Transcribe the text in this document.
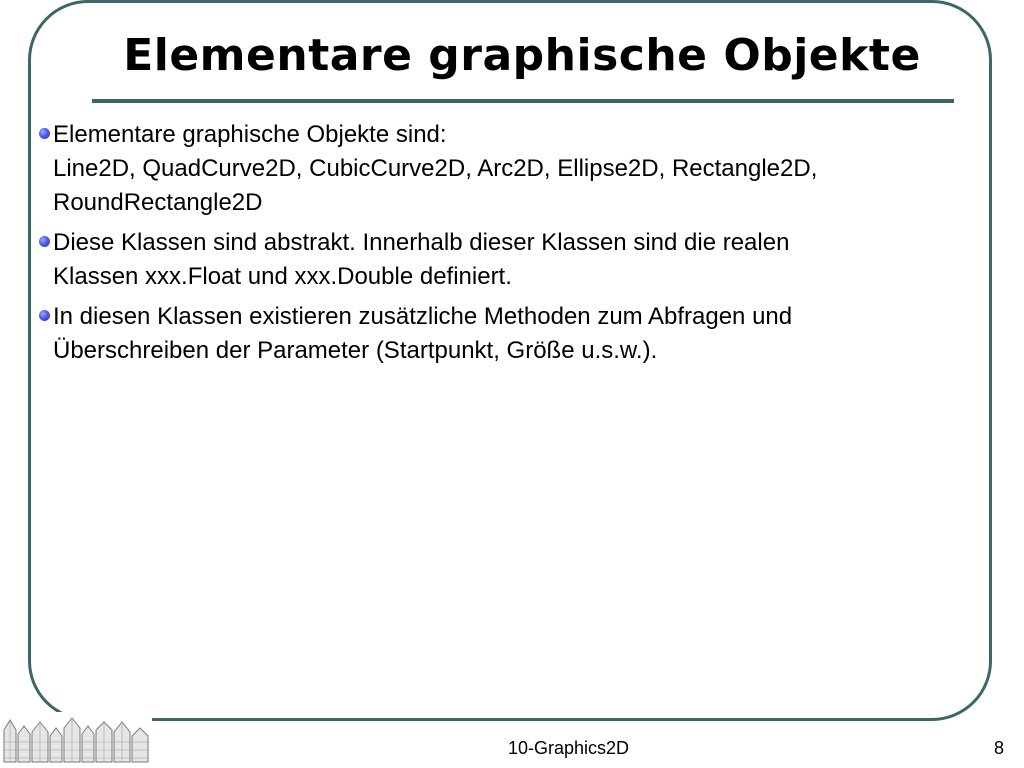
Elementare graphische Objekte
Elementare graphische Objekte sind:
Line2D, QuadCurve2D, CubicCurve2D, Arc2D, Ellipse2D, Rectangle2D,
RoundRectangle2D
Diese Klassen sind abstrakt. Innerhalb dieser Klassen sind die realen
Klassen xxx.Float und xxx.Double definiert.
In diesen Klassen existieren zusätzliche Methoden zum Abfragen und
Überschreiben der Parameter (Startpunkt, Größe u.s.w.).
10-Graphics2D	8
